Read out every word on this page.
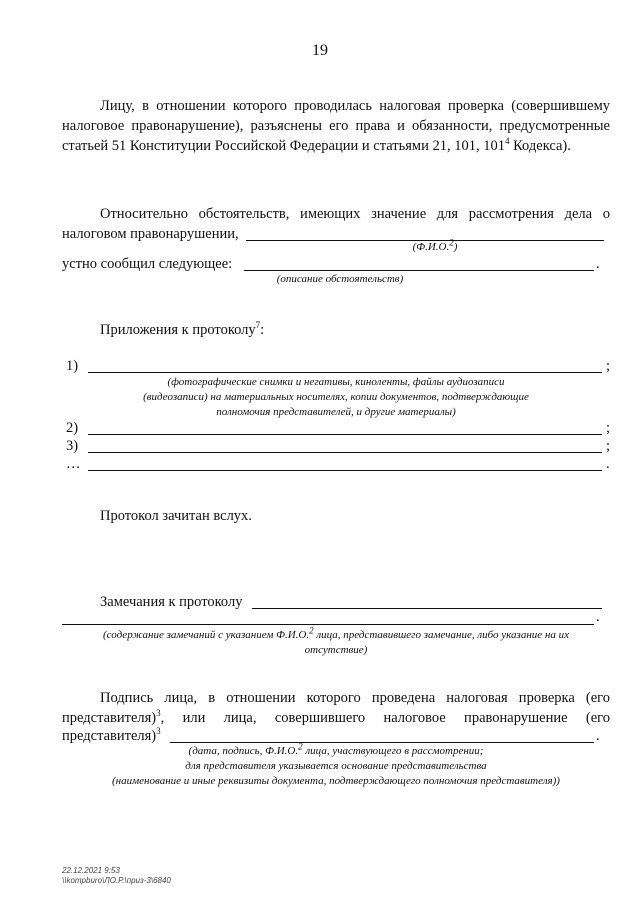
19
Лицу, в отношении которого проводилась налоговая проверка (совершившему
налоговое правонарушение), разъяснены его права и обязанности, предусмотренные
статьей 51 Конституции Российской Федерации и статьями 21, 101, $101^4$ Кодекса).
Относительно обстоятельств, имеющих значение для рассмотрения дела о
налоговом правонарушении,
(Ф.И.О.$^2$)
устно сообщил следующее:	.
(описание обстоятельств)
Приложения к протоколу$^7$:
1)	;
(фотографические снимки и негативы, киноленты, файлы аудиозаписи
(видеозаписи) на материальных носителях, копии документов, подтверждающие
полномочия представителей, и другие материалы)
2)	;
3)	;
…	.
Протокол зачитан вслух.
Замечания к протоколу
.
(содержание замечаний с указанием Ф.И.О.$^2$ лица, представившего замечание, либо указание на их
отсутствие)
Подпись лица, в отношении которого проведена налоговая проверка (его
представителя)$^3$, или лица, совершившего налоговое правонарушение (его
представителя)$^3$	.
(дата, подпись, Ф.И.О.$^2$ лица, участвующего в рассмотрении;
для представителя указывается основание представительства
(наименование и иные реквизиты документа, подтверждающего полномочия представителя))
22.12.2021 9:53
\\kompburo\ЛО.Р.\приз-3\6840
